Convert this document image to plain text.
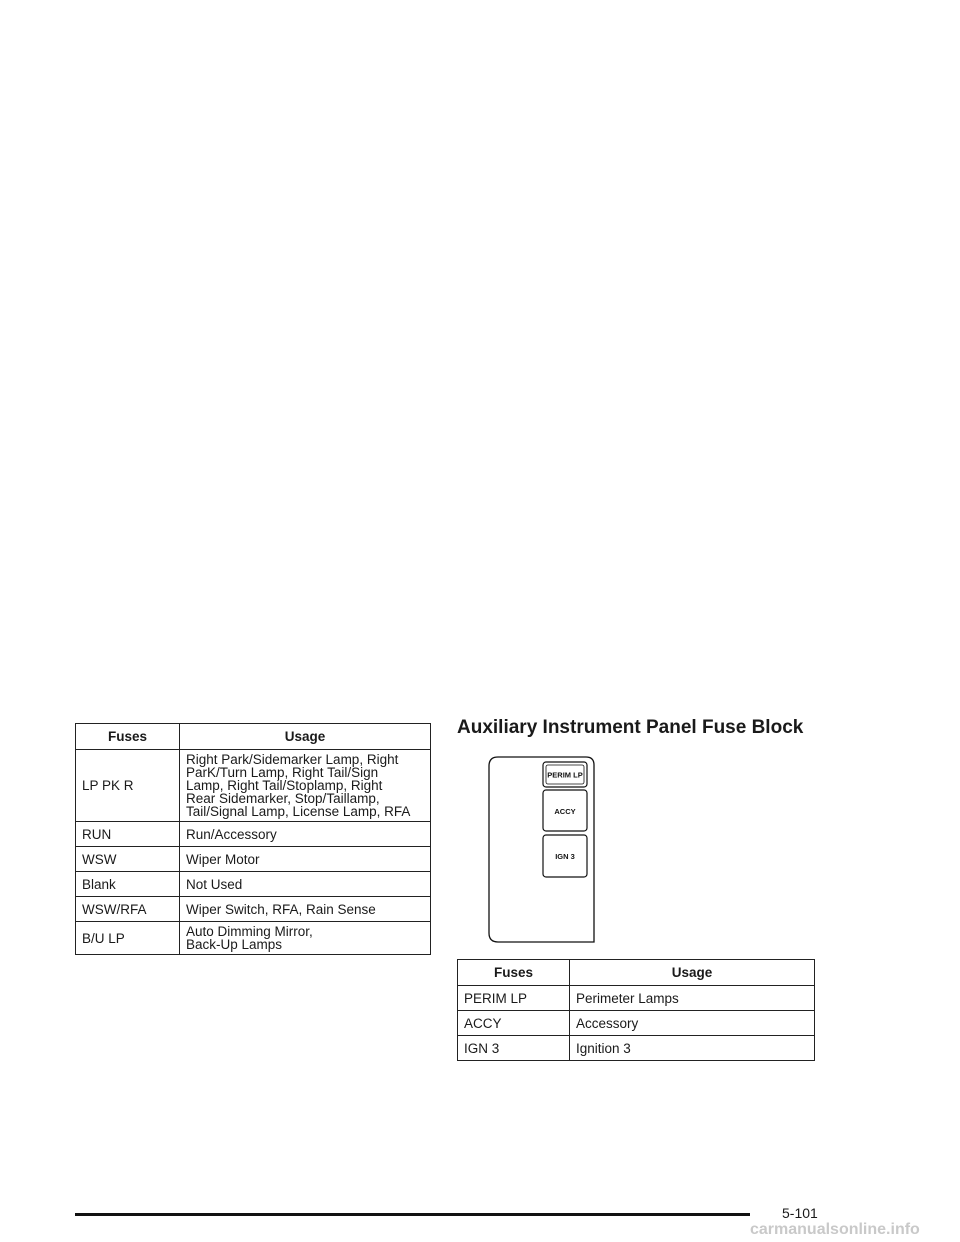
Fuses	Usage
LP PK R	Right Park/Sidemarker Lamp, Right
ParK/Turn Lamp, Right Tail/Sign
Lamp, Right Tail/Stoplamp, Right
Rear Sidemarker, Stop/Taillamp,
Tail/Signal Lamp, License Lamp, RFA
RUN	Run/Accessory
WSW	Wiper Motor
Blank	Not Used
WSW/RFA	Wiper Switch, RFA, Rain Sense
B/U LP	Auto Dimming Mirror,
Back-Up Lamps
Auxiliary Instrument Panel Fuse Block
PERIM LP
ACCY
IGN 3
Fuses	Usage
PERIM LP	Perimeter Lamps
ACCY	Accessory
IGN 3	Ignition 3
5-101
carmanualsonline.info
